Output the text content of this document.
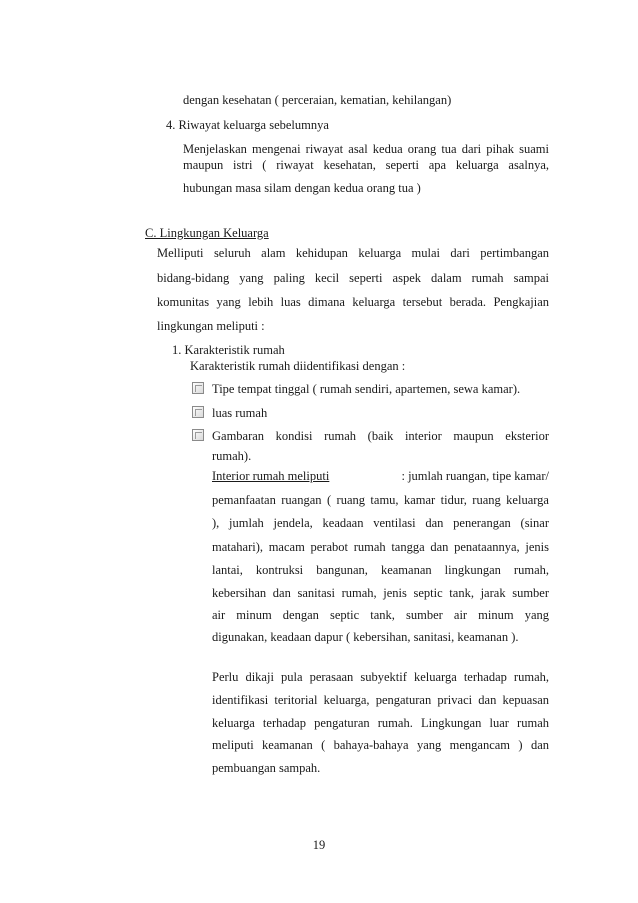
dengan kesehatan ( perceraian, kematian, kehilangan)
4. Riwayat keluarga sebelumnya
Menjelaskan mengenai riwayat asal kedua orang tua dari pihak suami
maupun istri ( riwayat kesehatan, seperti apa keluarga asalnya,
hubungan masa silam dengan kedua orang tua )
C. Lingkungan Keluarga
Melliputi seluruh alam kehidupan keluarga mulai dari pertimbangan
bidang-bidang yang paling kecil seperti aspek dalam rumah sampai
komunitas yang lebih luas dimana keluarga tersebut berada. Pengkajian
lingkungan meliputi :
1. Karakteristik rumah
Karakteristik rumah diidentifikasi dengan :
Tipe tempat tinggal ( rumah sendiri, apartemen, sewa kamar).
luas rumah
Gambaran kondisi rumah (baik interior maupun eksterior
rumah).
Interior rumah meliputi	: jumlah ruangan, tipe kamar/
pemanfaatan ruangan ( ruang tamu, kamar tidur, ruang keluarga
), jumlah jendela, keadaan ventilasi dan penerangan (sinar
matahari), macam perabot rumah tangga dan penataannya, jenis
lantai, kontruksi bangunan, keamanan lingkungan rumah,
kebersihan dan sanitasi rumah, jenis septic tank, jarak sumber
air minum dengan septic tank, sumber air minum yang
digunakan, keadaan dapur ( kebersihan, sanitasi, keamanan ).
Perlu dikaji pula perasaan subyektif keluarga terhadap rumah,
identifikasi teritorial keluarga, pengaturan privaci dan kepuasan
keluarga terhadap pengaturan rumah. Lingkungan luar rumah
meliputi keamanan ( bahaya-bahaya yang mengancam ) dan
pembuangan sampah.
19
